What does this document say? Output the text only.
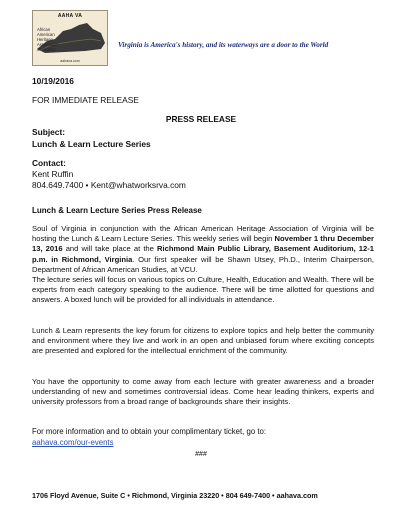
AAHA VA
African
American
Heritage
Association
of Virginia
aahava.com
Virginia is America's history, and its waterways are a door to the World
10/19/2016
FOR IMMEDIATE RELEASE
PRESS RELEASE
Subject:
Lunch & Learn Lecture Series
Contact:
Kent Ruffin
804.649.7400 • Kent@whatworksrva.com
Lunch & Learn Lecture Series Press Release

Soul of Virginia in conjunction with the African American Heritage Association of Virginia will be hosting the Lunch & Learn Lecture Series. This weekly series will begin November 1 thru December 13, 2016 and will take place at the Richmond Main Public Library, Basement Auditorium, 12-1 p.m. in Richmond, Virginia. Our first speaker will be Shawn Utsey, Ph.D., Interim Chairperson, Department of African American Studies, at VCU.

The lecture series will focus on various topics on Culture, Health, Education and Wealth. There will be experts from each category speaking to the audience. There will be time allotted for questions and answers. A boxed lunch will be provided for all individuals in attendance.

Lunch & Learn represents the key forum for citizens to explore topics and help better the community and environment where they live and work in an open and unbiased forum where exciting concepts are presented and explored for the intellectual enrichment of the community.

You have the opportunity to come away from each lecture with greater awareness and a broader understanding of new and sometimes controversial ideas. Come hear leading thinkers, experts and university professors from a broad range of backgrounds share their insights.

For more information and to obtain your complimentary ticket, go to:
aahava.com/our-events
###
1706 Floyd Avenue, Suite C • Richmond, Virginia 23220 • 804 649-7400 • aahava.com
